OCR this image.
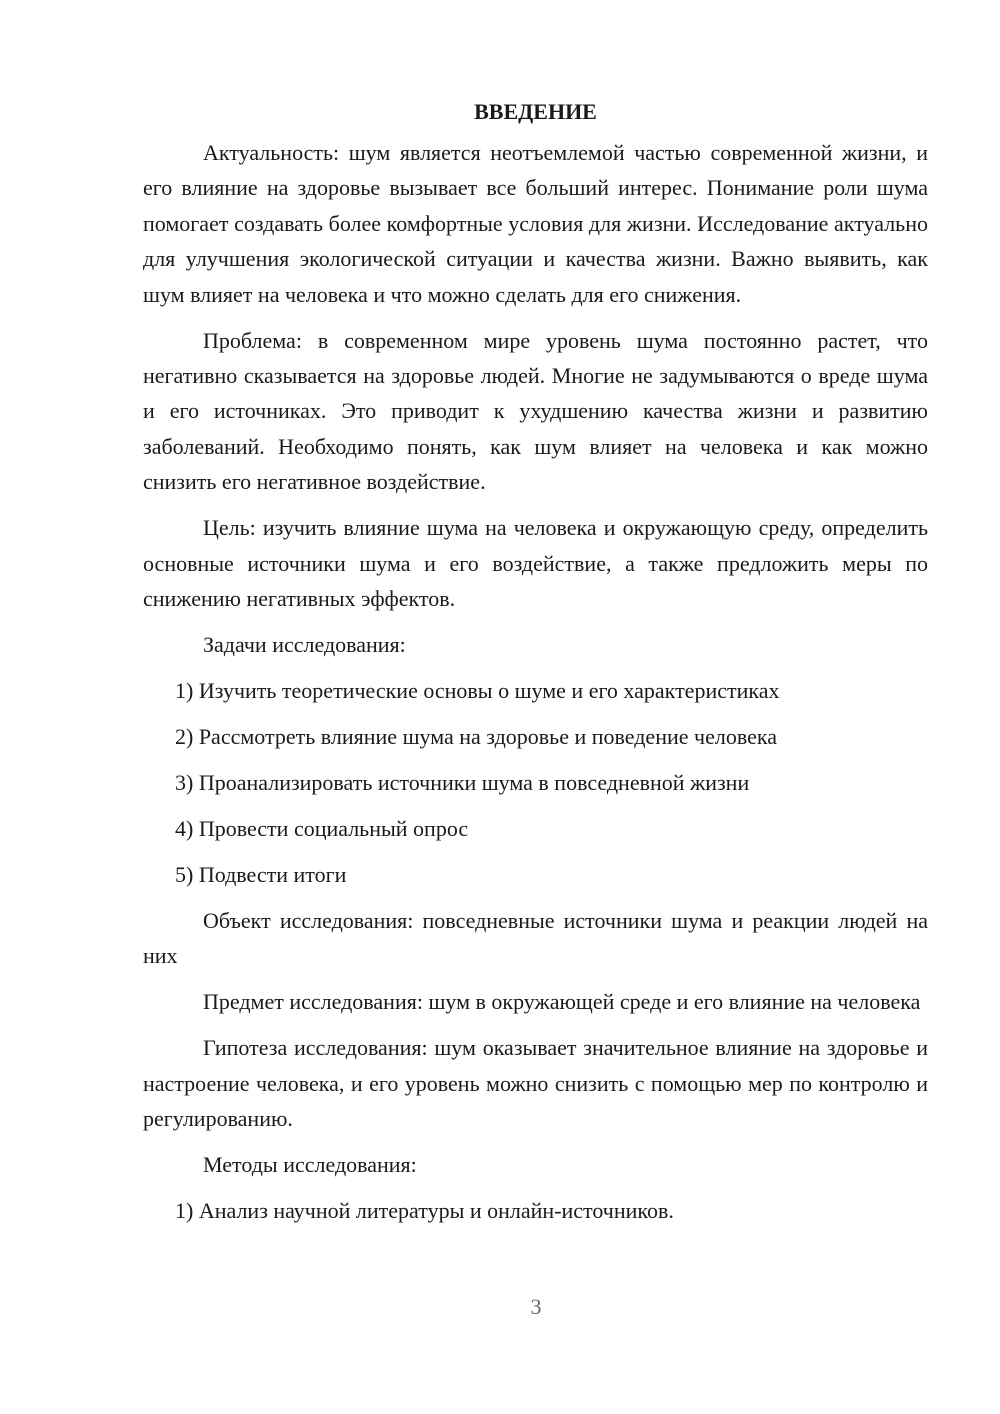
ВВЕДЕНИЕ

Актуальность: шум является неотъемлемой частью современной жизни, и его влияние на здоровье вызывает все больший интерес. Понимание роли шума помогает создавать более комфортные условия для жизни. Исследование актуально для улучшения экологической ситуации и качества жизни. Важно выявить, как шум влияет на человека и что можно сделать для его снижения.

Проблема: в современном мире уровень шума постоянно растет, что негативно сказывается на здоровье людей. Многие не задумываются о вреде шума и его источниках. Это приводит к ухудшению качества жизни и развитию заболеваний. Необходимо понять, как шум влияет на человека и как можно снизить его негативное воздействие.

Цель: изучить влияние шума на человека и окружающую среду, определить основные источники шума и его воздействие, а также предложить меры по снижению негативных эффектов.

Задачи исследования:

1) Изучить теоретические основы о шуме и его характеристиках
2) Рассмотреть влияние шума на здоровье и поведение человека
3) Проанализировать источники шума в повседневной жизни
4) Провести социальный опрос
5) Подвести итоги

Объект исследования: повседневные источники шума и реакции людей на них

Предмет исследования: шум в окружающей среде и его влияние на человека

Гипотеза исследования: шум оказывает значительное влияние на здоровье и настроение человека, и его уровень можно снизить с помощью мер по контролю и регулированию.

Методы исследования:

1) Анализ научной литературы и онлайн-источников.
3
